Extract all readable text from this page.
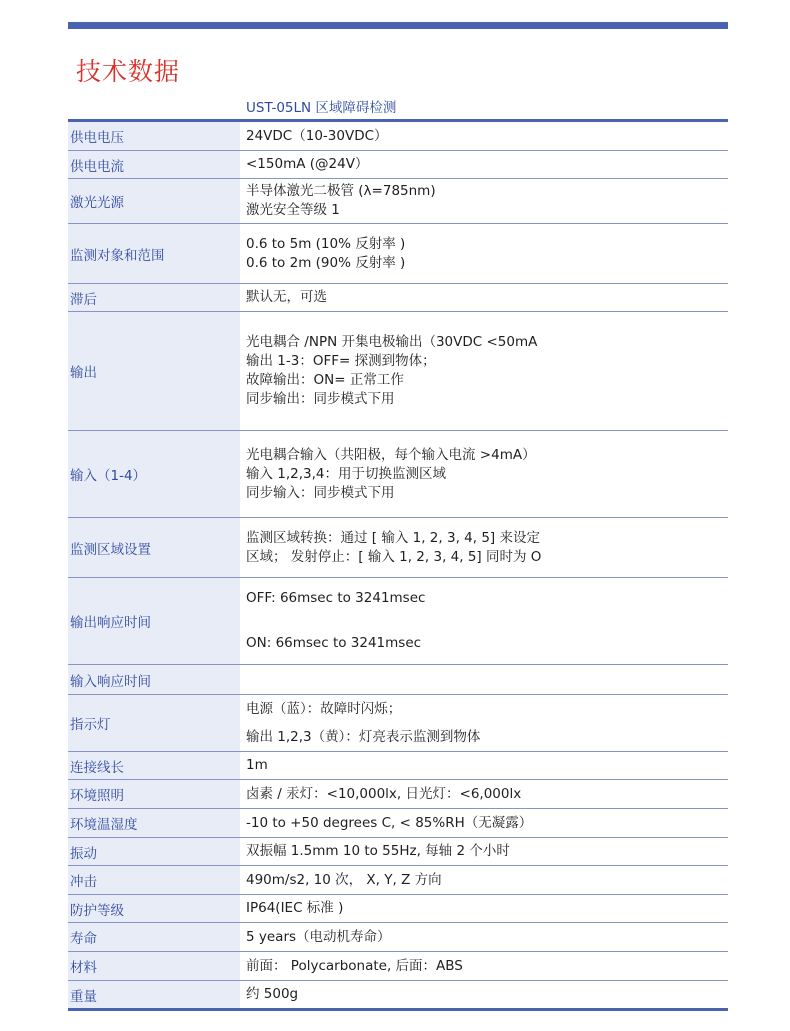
技术数据
UST-05LN 区域障碍检测
供电电压	24VDC（10-30VDC）

供电电流	<150mA (@24V）

激光光源	半导体激光二极管 (λ=785nm)
激光安全等级 1

监测对象和范围	0.6 to 5m (10% 反射率 )
0.6 to 2m (90% 反射率 )

滞后	默认无，可选

输出	光电耦合 /NPN 开集电极输出（30VDC <50mA
输出 1-3：OFF= 探测到物体；
故障输出：ON= 正常工作
同步输出：同步模式下用

输入（1-4）	光电耦合输入（共阳极，每个输入电流 >4mA）
输入 1,2,3,4：用于切换监测区域
同步输入：同步模式下用

监测区域设置	监测区域转换：通过 [ 输入 1, 2, 3, 4, 5] 来设定
区域； 发射停止：[ 输入 1, 2, 3, 4, 5] 同时为 O

输出响应时间	OFF: 66msec to 3241msec
ON: 66msec to 3241msec

输入响应时间	

指示灯	电源（蓝）：故障时闪烁；
输出 1,2,3（黄）：灯亮表示监测到物体

连接线长	1m

环境照明	卤素 / 汞灯：<10,000lx, 日光灯：<6,000lx

环境温湿度	-10 to +50 degrees C, < 85%RH（无凝露）

振动	双振幅 1.5mm 10 to 55Hz, 每轴 2 个小时

冲击	490m/s2, 10 次， X, Y, Z 方向

防护等级	IP64(IEC 标准 )

寿命	5 years（电动机寿命）

材料	前面： Polycarbonate, 后面：ABS

重量	约 500g
